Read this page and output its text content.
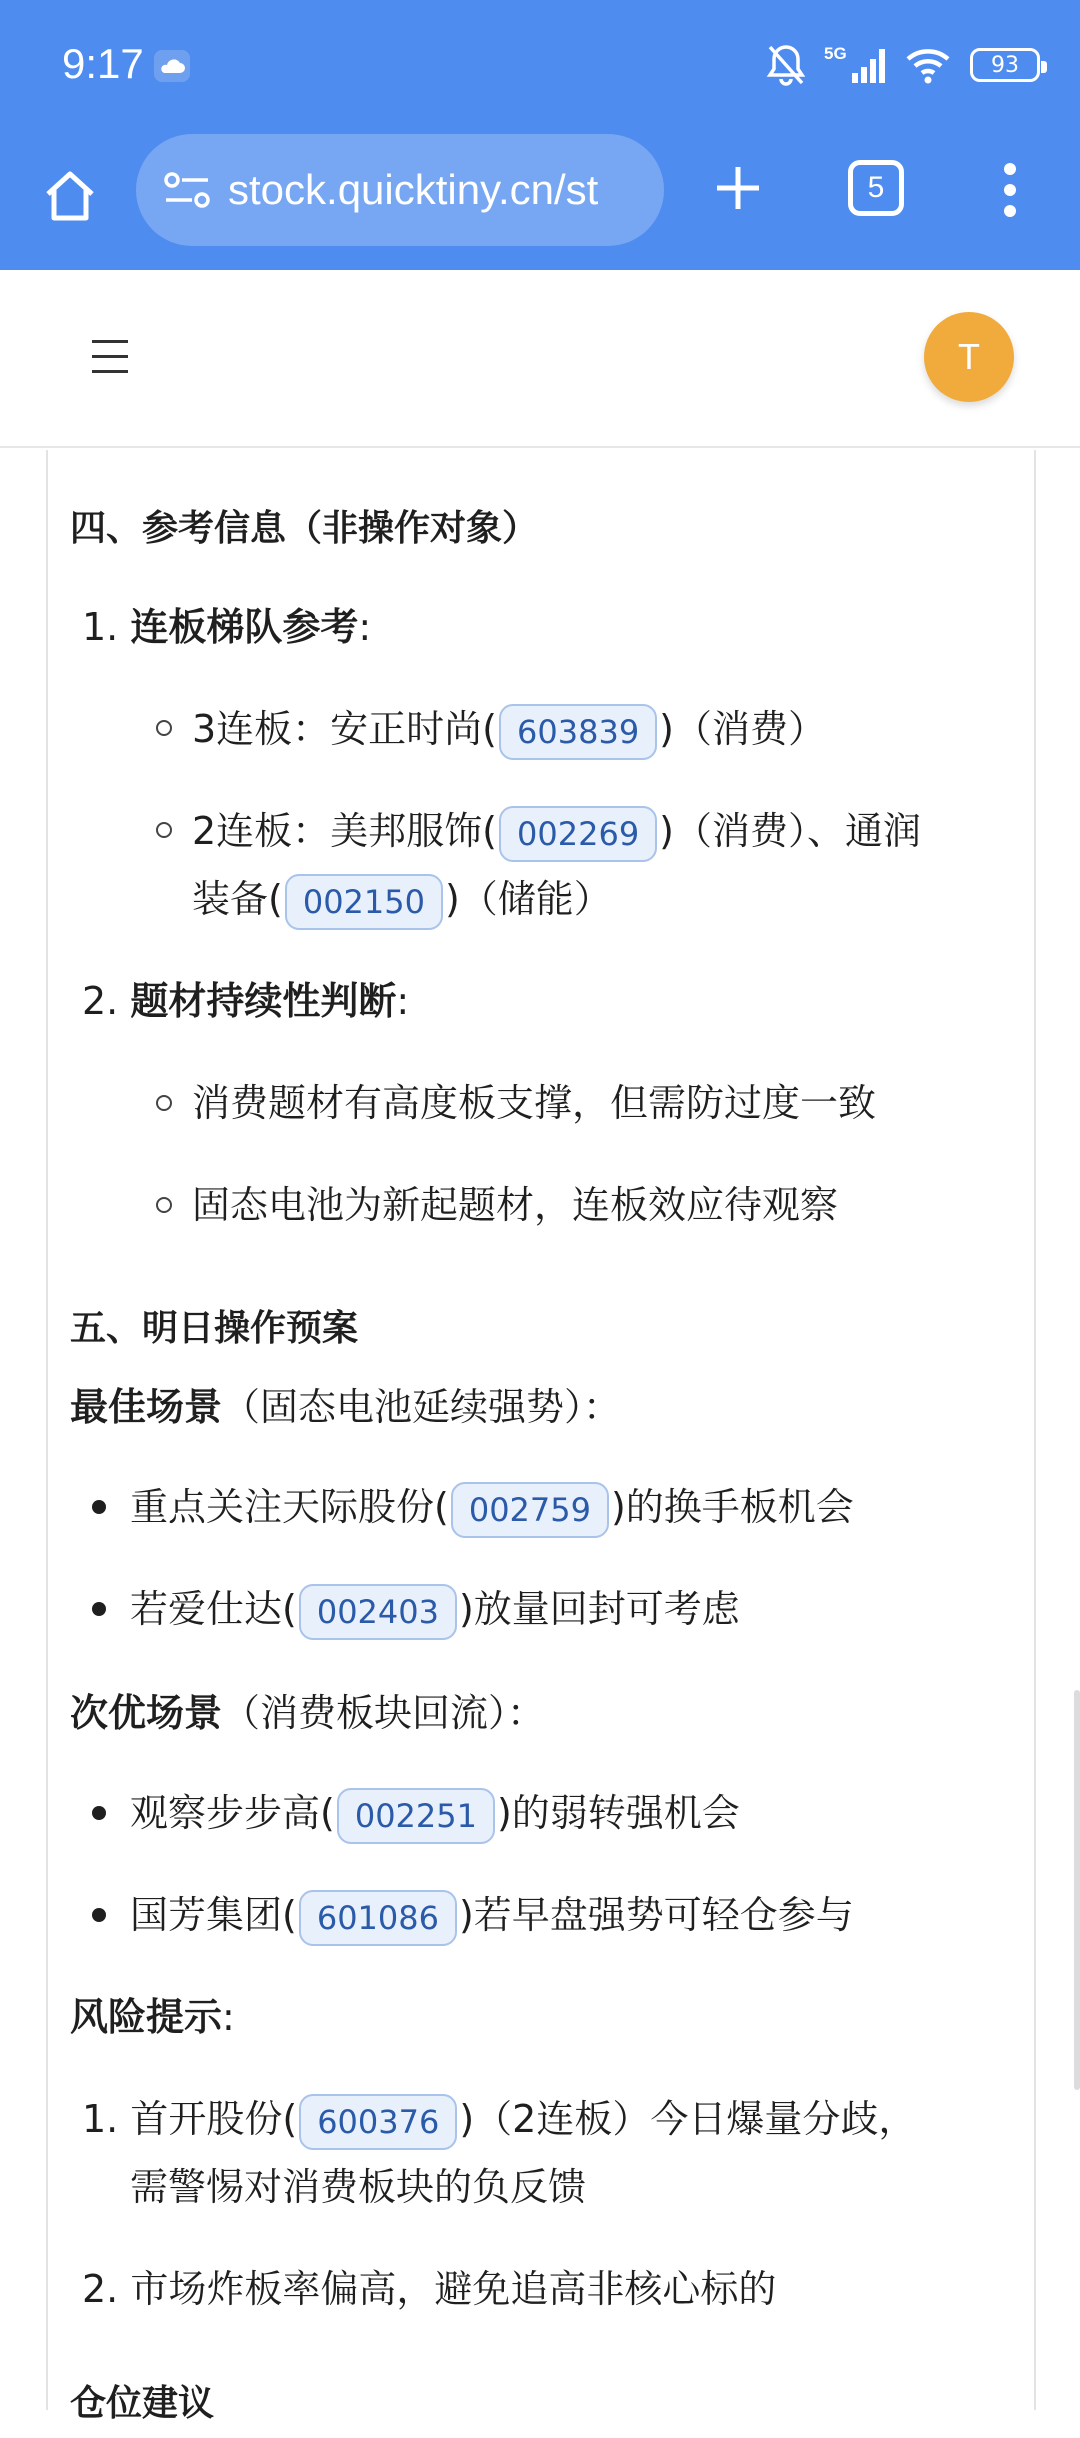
9:17	5G	93
stock.quicktiny.cn/st	5
T
四、参考信息（非操作对象）
1. 连板梯队参考:
3连板：安正时尚( 603839 )（消费）
2连板：美邦服饰( 002269 )（消费）、通润
装备( 002150 )（储能）
2. 题材持续性判断:
消费题材有高度板支撑，但需防过度一致
固态电池为新起题材，连板效应待观察
五、明日操作预案
最佳场景（固态电池延续强势）：
重点关注天际股份( 002759 )的换手板机会
若爱仕达( 002403 )放量回封可考虑
次优场景（消费板块回流）：
观察步步高( 002251 )的弱转强机会
国芳集团( 601086 )若早盘强势可轻仓参与
风险提示:
1. 首开股份( 600376 )（2连板）今日爆量分歧，
需警惕对消费板块的负反馈
2. 市场炸板率偏高，避免追高非核心标的
